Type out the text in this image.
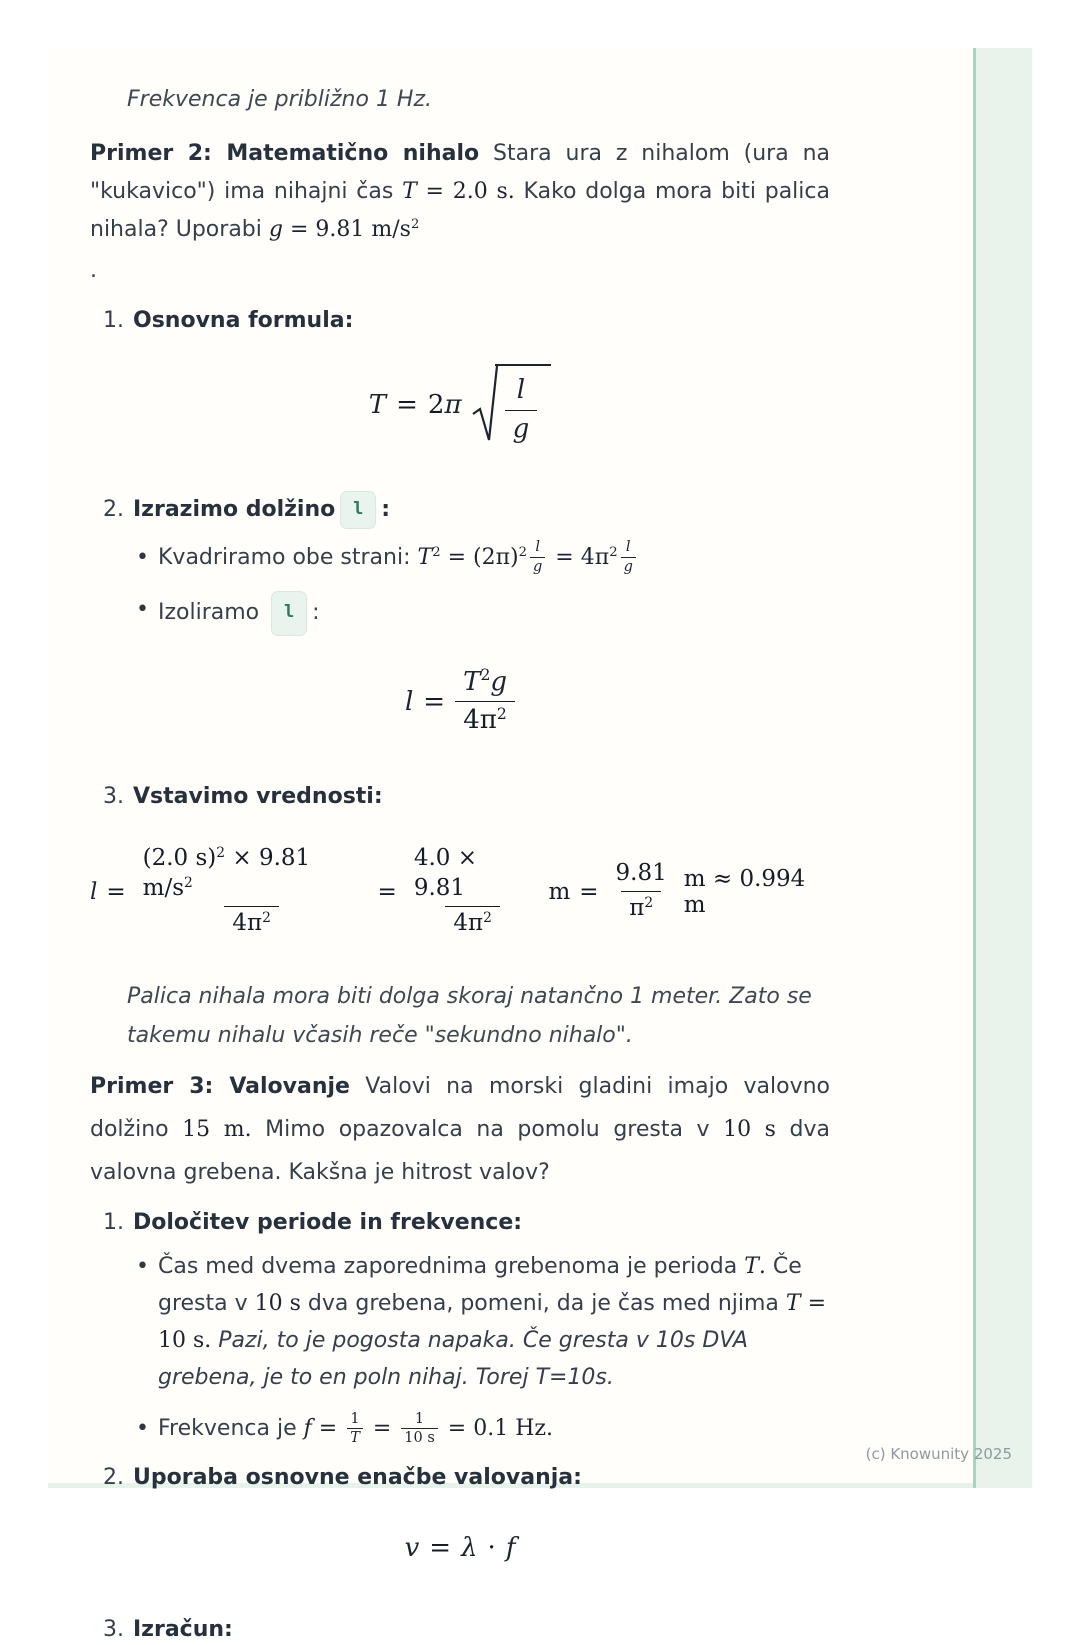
Frekvenca je približno 1 Hz.

Primer 2: Matematično nihalo Stara ura z nihalom (ura na "kukavico") ima nihajni čas T = 2.0 s. Kako dolga mora biti palica nihala? Uporabi g = 9.81 $m/s^2$
.

1. Osnovna formula:

$T = 2\pi \frac{l}{g}$

2. Izrazimo dolžino l :

• Kvadriramo obe strani: $T^2 = (2\pi)^2 \frac{l}{g} = 4\pi^2 \frac{l}{g}$
• Izoliramo l :
$l = \frac{T^2g}{4\pi^2}$

3. Vstavimo vrednosti:

$l = \frac{(2.0 s)^2 \times 9.81 m/s^2}{4\pi^2} = \frac{4.0 \times 9.81}{4\pi^2}$ $m = \frac{9.81}{\pi^2}$ m ≈ 0.994 m

Palica nihala mora biti dolga skoraj natančno 1 meter. Zato se takemu nihalu včasih reče "sekundno nihalo".

Primer 3: Valovanje Valovi na morski gladini imajo valovno dolžino 15 m. Mimo opazovalca na pomolu gresta v 10 s dva valovna grebena. Kakšna je hitrost valov?

1. Določitev periode in frekvence:

• Čas med dvema zaporednima grebenoma je perioda T. Če gresta v 10 s dva grebena, pomeni, da je čas med njima T = 10 s. Pazi, to je pogosta napaka. Če gresta v 10s DVA grebena, je to en poln nihaj. Torej T=10s.
• Frekvenca je $f = \frac{1}{T} = \frac{1}{10 s} = 0.1$ Hz.

2. Uporaba osnovne enačbe valovanja:

v = λ · f

3. Izračun:

(c) Knowunity 2025
